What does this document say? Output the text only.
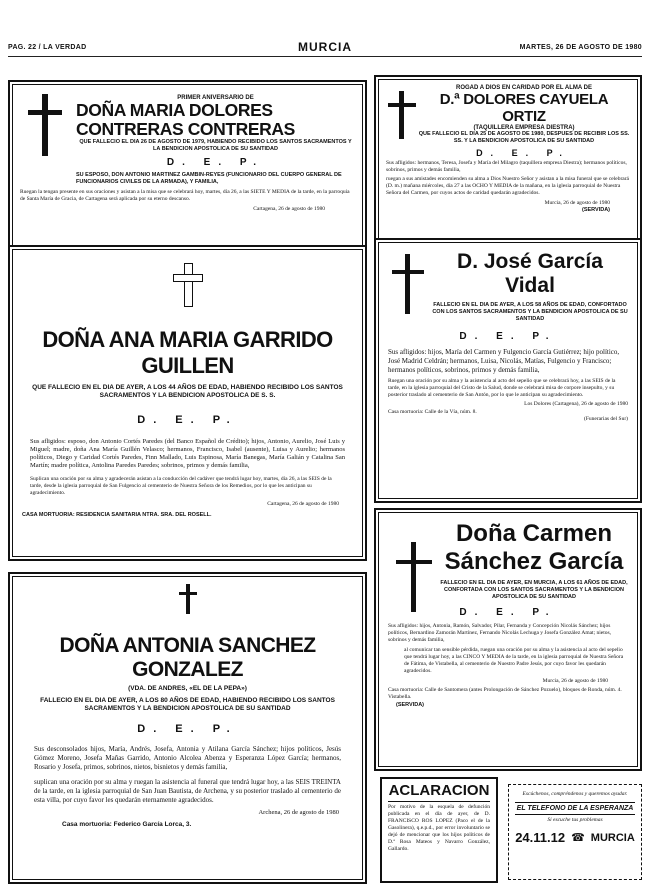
PAG. 22 / LA VERDAD	MURCIA	MARTES, 26 DE AGOSTO DE 1980

PRIMER ANIVERSARIO DE

DOÑA MARIA DOLORES CONTRERAS CONTRERAS

QUE FALLECIO EL DIA 26 DE AGOSTO DE 1979, HABIENDO RECIBIDO LOS SANTOS SACRAMENTOS Y LA BENDICION APOSTOLICA DE SU SANTIDAD

D. E. P.

SU ESPOSO, DON ANTONIO MARTINEZ GAMBIN-REYES (FUNCIONARIO DEL CUERPO GENERAL DE FUNCIONARIOS CIVILES DE LA ARMADA), Y FAMILIA,

Ruegan la tengan presente en sus oraciones y asistan a la misa que se celebrará hoy, martes, día 26, a las SIETE Y MEDIA de la tarde, en la parroquia de Santa María de Gracia, de Cartagena será aplicada por su eterno descanso.

Cartagena, 26 de agosto de 1980

ROGAD A DIOS EN CARIDAD POR EL ALMA DE

D.ª DOLORES CAYUELA ORTIZ

(TAQUILLERA EMPRESA DIESTRA)

QUE FALLECIO EL DIA 25 DE AGOSTO DE 1980, DESPUES DE RECIBIR LOS SS. SS. Y LA BENDICION APOSTOLICA DE SU SANTIDAD

D. E. P.

Sus afligidos: hermanos, Teresa, Josefa y María del Milagro (taquillera empresa Diestra); hermanos políticos, sobrinos, primos y demás familia,

ruegan a sus amistades encomienden su alma a Dios Nuestro Señor y asistan a la misa funeral que se celebrará (D. m.) mañana miércoles, día 27 a las OCHO Y MEDIA de la mañana, en la iglesia parroquial de Nuestra Señora del Carmen, por cuyos actos de caridad quedarán agradecidos.

Murcia, 26 de agosto de 1980

(SERVIDA)

DOÑA ANA MARIA GARRIDO GUILLEN

QUE FALLECIO EN EL DIA DE AYER, A LOS 44 AÑOS DE EDAD, HABIENDO RECIBIDO LOS SANTOS SACRAMENTOS Y LA BENDICION APOSTOLICA DE S. S.

D. E. P.

Sus afligidos: esposo, don Antonio Cortés Paredes (del Banco Español de Crédito); hijos, Antonio, Aurelio, José Luis y Miguel; madre, doña Ana María Guillén Velasco; hermanos, Francisco, Isabel (ausente), Luisa y Aurelio; hermanos políticos, Diego y Caridad Cortés Paredes, Finn Mallado, Luis Espinosa, María Banegas, María Galián y Catalina San Martín; madre política, Antolina Paredes Paredes; sobrinos, primos y demás familia,

Suplican una oración por su alma y agradecerán asistan a la conducción del cadáver que tendrá lugar hoy, martes, día 26, a las SEIS de la tarde, desde la iglesia parroquial de San Fulgencio al cementerio de Nuestra Señora de los Remedios, por lo que les anticipan su agradecimiento.

Cartagena, 26 de agosto de 1980

CASA MORTUORIA: RESIDENCIA SANITARIA NTRA. SRA. DEL ROSELL.

D. José García

Vidal

FALLECIO EN EL DIA DE AYER, A LOS 58 AÑOS DE EDAD, CONFORTADO CON LOS SANTOS SACRAMENTOS Y LA BENDICION APOSTOLICA DE SU SANTIDAD

D. E. P.

Sus afligidos: hijos, María del Carmen y Fulgencio García Gutiérrez; hijo político, José Madrid Celdrán; hermanos, Luisa, Nicolás, Matías, Fulgencio y Francisco; hermanos políticos, sobrinos, primos y demás familia,

Ruegan una oración por su alma y la asistencia al acto del sepelio que se celebrará hoy, a las SEIS de la tarde, en la iglesia parroquial del Cristo de la Salud, donde se celebrará misa de corpore insepulto, y su posterior traslado al cementerio de San Antón, por lo que le anticipan su agradecimiento.

Los Dolores (Cartagena), 26 de agosto de 1980

Casa mortuoria: Calle de la Vía, núm. 8.

(Funerarias del Sur)

DOÑA ANTONIA SANCHEZ GONZALEZ

(VDA. DE ANDRES, «EL DE LA PEPA»)

FALLECIO EN EL DIA DE AYER, A LOS 80 AÑOS DE EDAD, HABIENDO RECIBIDO LOS SANTOS SACRAMENTOS Y LA BENDICION APOSTOLICA DE SU SANTIDAD

D. E. P.

Sus desconsolados hijos, María, Andrés, Josefa, Antonia y Atilana García Sánchez; hijos políticos, Jesús Gómez Moreno, Josefa Mañas Garrido, Antonio Alcolea Abenza y Esperanza López García; hermanos, Rosario y Josefa, primos, sobrinos, nietos, bisnietos y demás familia,

suplican una oración por su alma y ruegan la asistencia al funeral que tendrá lugar hoy, a las SEIS TREINTA de la tarde, en la iglesia parroquial de San Juan Bautista, de Archena, y su posterior traslado al cementerio de esta villa, por cuyo favor les quedarán eternamente agradecidos.

Archena, 26 de agosto de 1980

Casa mortuoria: Federico García Lorca, 3.

Doña Carmen

Sánchez García

FALLECIO EN EL DIA DE AYER, EN MURCIA, A LOS 61 AÑOS DE EDAD, CONFORTADA CON LOS SANTOS SACRAMENTOS Y LA BENDICION APOSTOLICA DE SU SANTIDAD

D. E. P.

Sus afligidos: hijos, Antonia, Ramón, Salvador, Pilar, Fernanda y Concepción Nicolás Sánchez; hijos políticos, Bernardino Zamorán Martínez, Fernando Nicolás Lechuga y Josefa González Amat; nietos, sobrinos y demás familia,

al comunicar tan sensible pérdida, ruegan una oración por su alma y la asistencia al acto del sepelio que tendrá lugar hoy, a las CINCO Y MEDIA de la tarde, en la iglesia parroquial de Nuestra Señora de Fátima, de Vistabella, al cementerio de Nuestro Padre Jesús, por cuyo favor les quedarán agradecidos.

Murcia, 26 de agosto de 1980

Casa mortuoria: Calle de Santomera (antes Prolongación de Sánchez Pozuelo), bloques de Ronda, núm. 4. Vistabella.

(SERVIDA)

ACLARACION

Por motivo de la esquela de defunción publicada en el día de ayer, de D. FRANCISCO ROS LOPEZ (Paco el de la Gasolinera), q.e.p.d., por error involuntario se dejó de mencionar que los hijos políticos de D.ª Rosa Mateos y Navarro González, Gallardo.

Escúchenos, compréndenos y queremos ayudar.

EL TELEFONO DE LA ESPERANZA

Si escuche tus problemas

24.11.12 ☎ MURCIA
